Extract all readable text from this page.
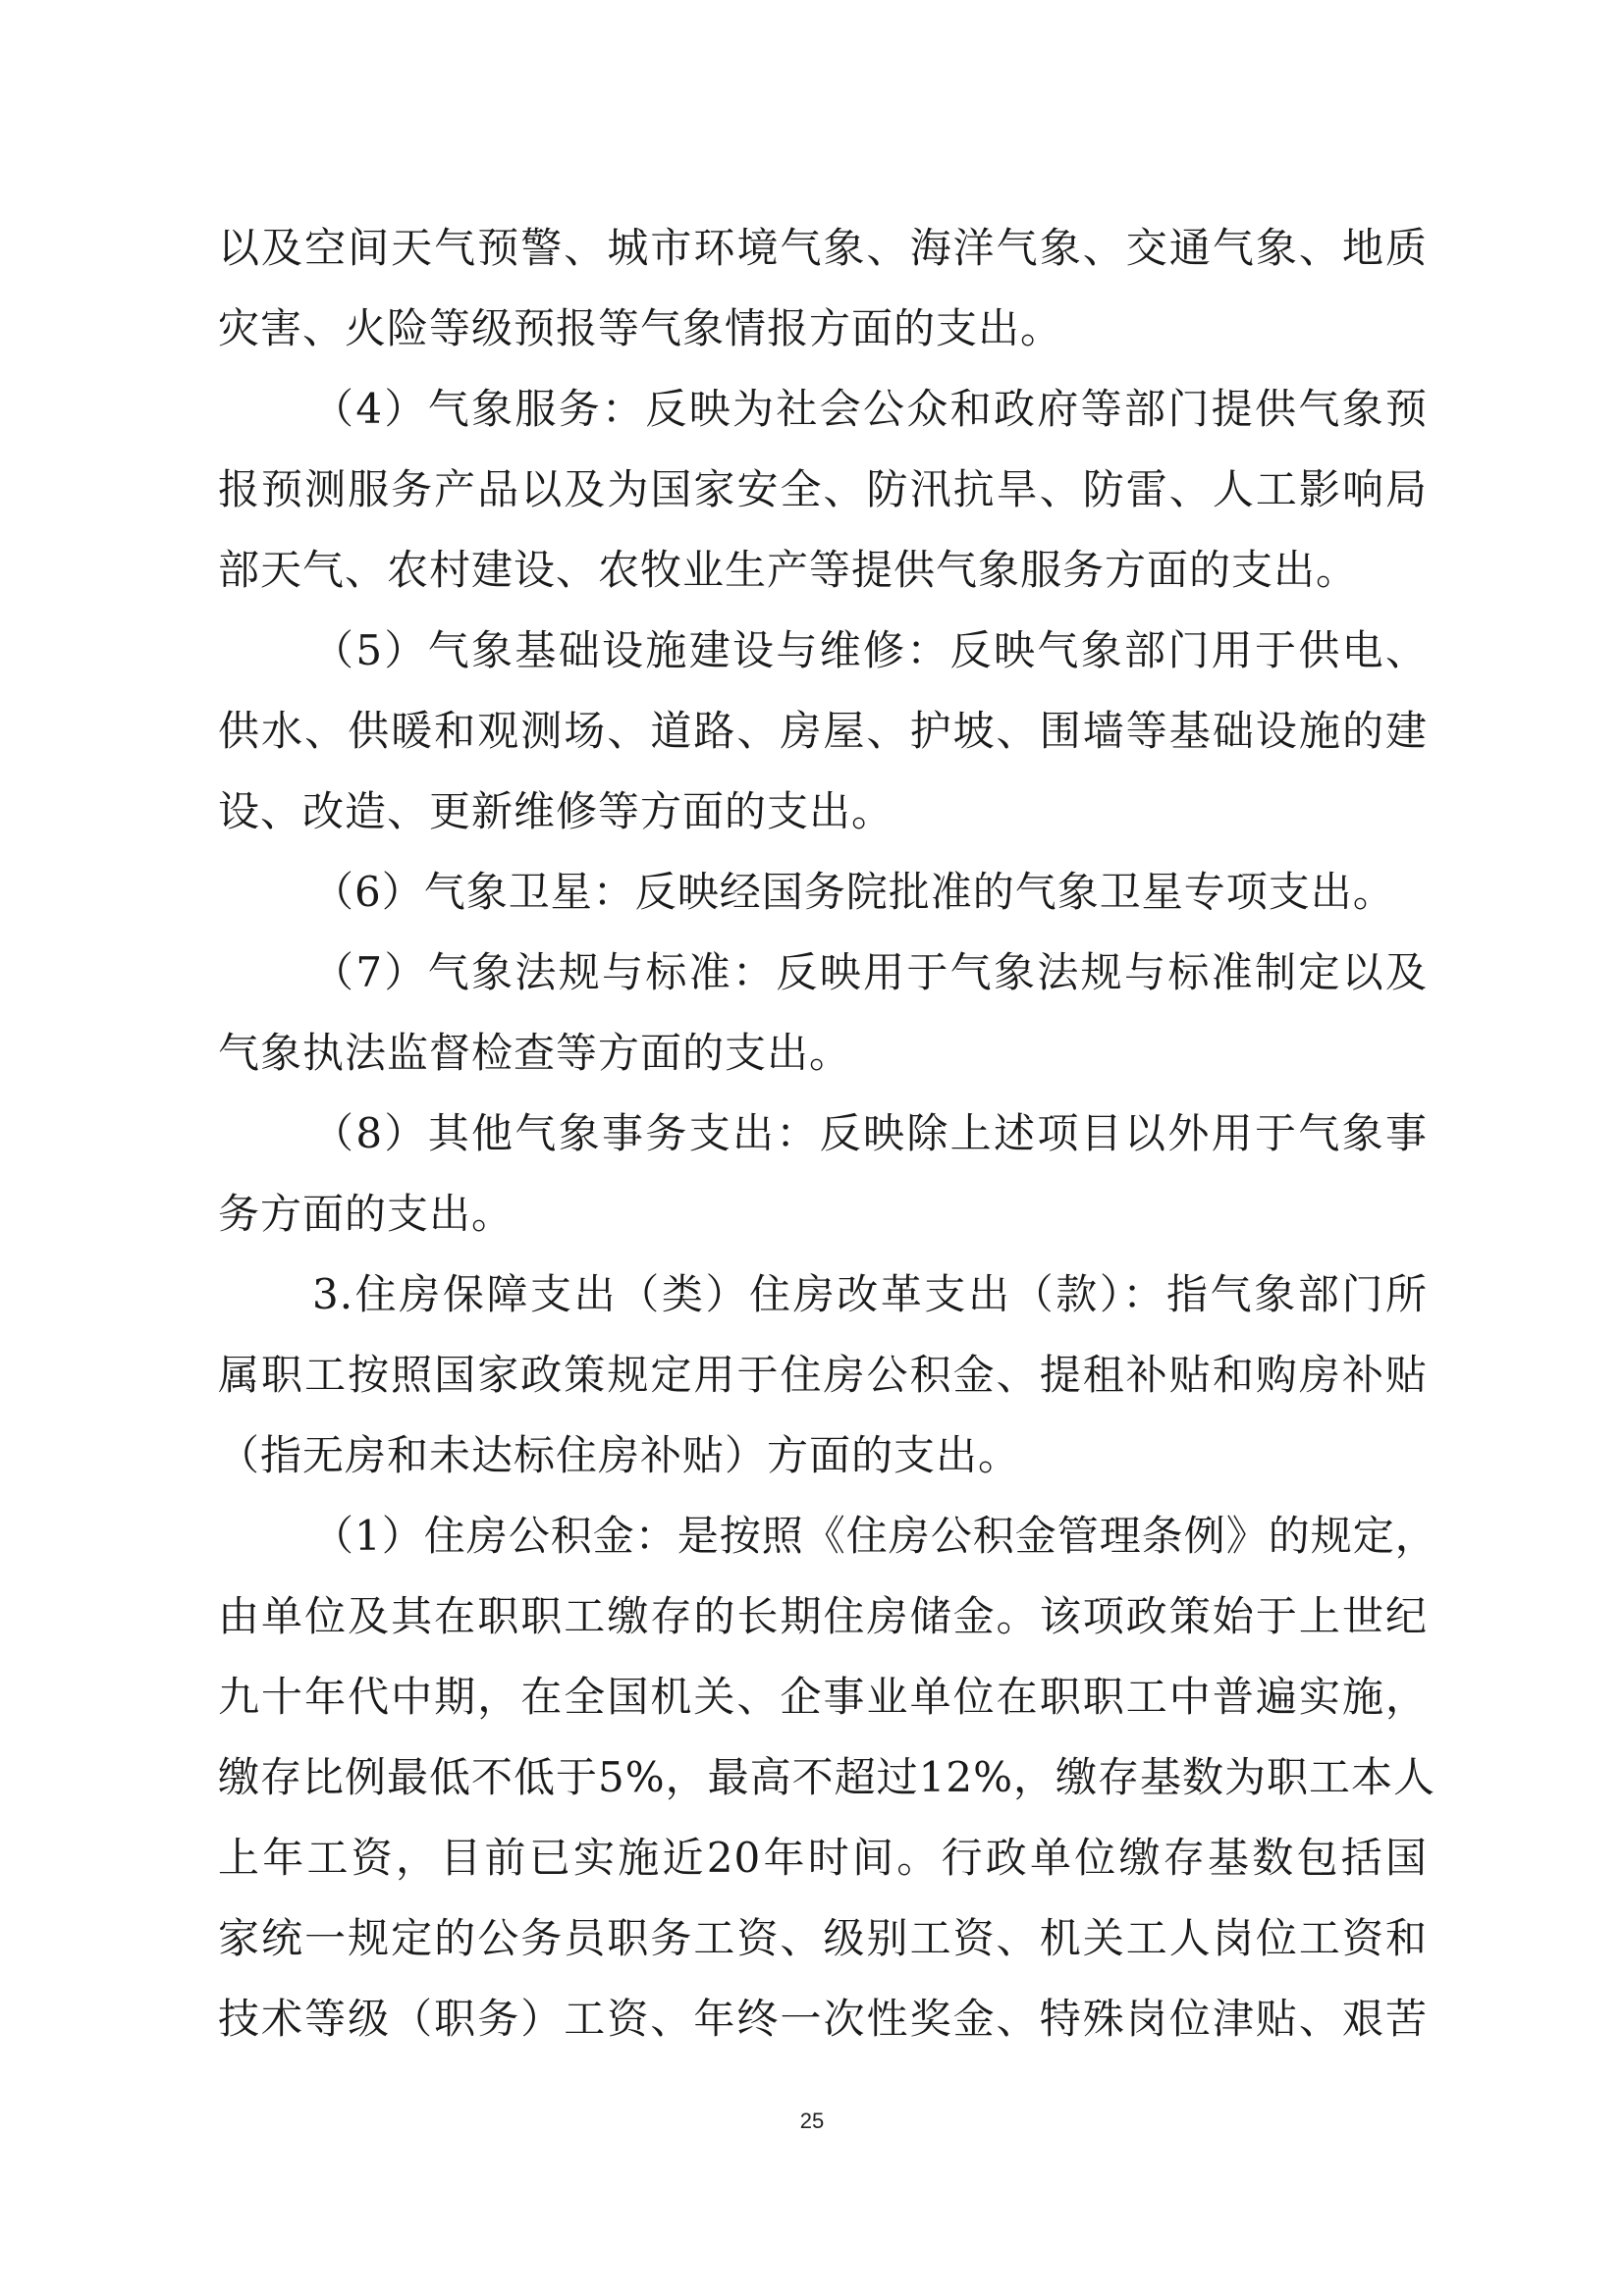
以及空间天气预警、城市环境气象、海洋气象、交通气象、地质
灾害、火险等级预报等气象情报方面的支出。
（4）气象服务：反映为社会公众和政府等部门提供气象预
报预测服务产品以及为国家安全、防汛抗旱、防雷、人工影响局
部天气、农村建设、农牧业生产等提供气象服务方面的支出。
（5）气象基础设施建设与维修：反映气象部门用于供电、
供水、供暖和观测场、道路、房屋、护坡、围墙等基础设施的建
设、改造、更新维修等方面的支出。
（6）气象卫星：反映经国务院批准的气象卫星专项支出。
（7）气象法规与标准：反映用于气象法规与标准制定以及
气象执法监督检查等方面的支出。
（8）其他气象事务支出：反映除上述项目以外用于气象事
务方面的支出。
3.住房保障支出（类）住房改革支出（款）：指气象部门所
属职工按照国家政策规定用于住房公积金、提租补贴和购房补贴
（指无房和未达标住房补贴）方面的支出。
（1）住房公积金：是按照《住房公积金管理条例》的规定，
由单位及其在职职工缴存的长期住房储金。该项政策始于上世纪
九十年代中期，在全国机关、企事业单位在职职工中普遍实施，
缴存比例最低不低于5%，最高不超过12%，缴存基数为职工本人
上年工资，目前已实施近20年时间。行政单位缴存基数包括国
家统一规定的公务员职务工资、级别工资、机关工人岗位工资和
技术等级（职务）工资、年终一次性奖金、特殊岗位津贴、艰苦
25
